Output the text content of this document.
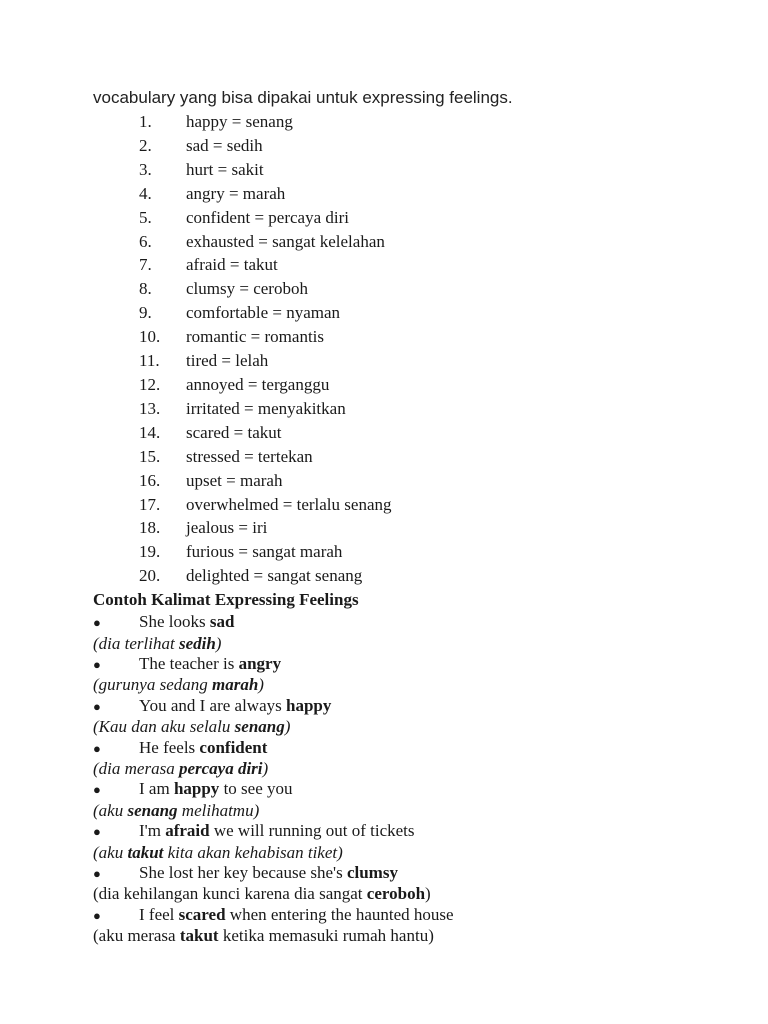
vocabulary yang bisa dipakai untuk expressing feelings.

1.	happy = senang
2.	sad = sedih
3.	hurt = sakit
4.	angry = marah
5.	confident = percaya diri
6.	exhausted = sangat kelelahan
7.	afraid = takut
8.	clumsy = ceroboh
9.	comfortable = nyaman
10.	romantic = romantis
11.	tired = lelah
12.	annoyed = terganggu
13.	irritated = menyakitkan
14.	scared = takut
15.	stressed = tertekan
16.	upset = marah
17.	overwhelmed = terlalu senang
18.	jealous = iri
19.	furious = sangat marah
20.	delighted = sangat senang

Contoh Kalimat Expressing Feelings

●	She looks sad

(dia terlihat sedih)

●	The teacher is angry

(gurunya sedang marah)

●	You and I are always happy

(Kau dan aku selalu senang)

●	He feels confident

(dia merasa percaya diri)

●	I am happy to see you

(aku senang melihatmu)

●	I'm afraid we will running out of tickets

(aku takut kita akan kehabisan tiket)

●	She lost her key because she's clumsy

(dia kehilangan kunci karena dia sangat ceroboh)

●	I feel scared when entering the haunted house

(aku merasa takut ketika memasuki rumah hantu)
